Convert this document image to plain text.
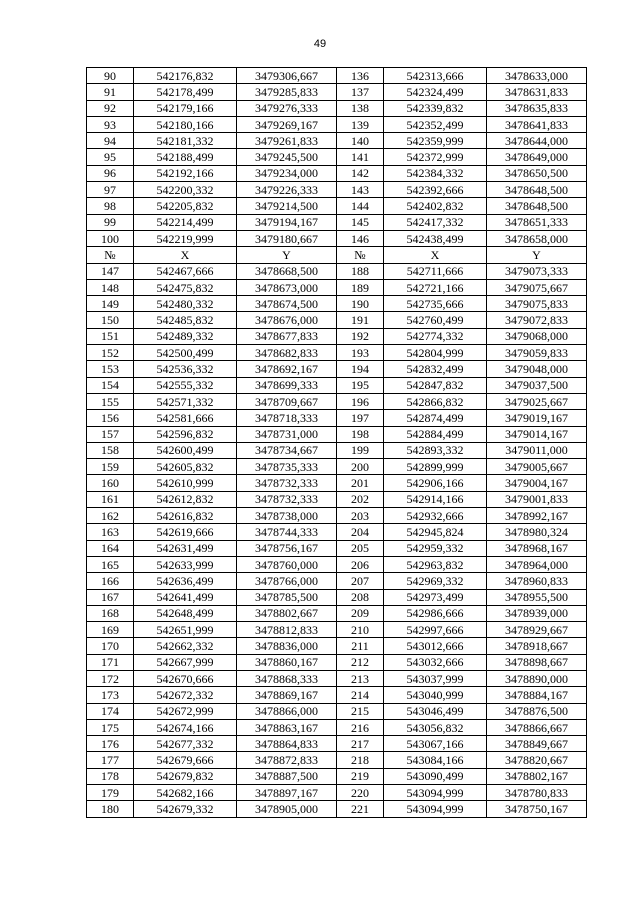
49
90	542176,832	3479306,667	136	542313,666	3478633,000
91	542178,499	3479285,833	137	542324,499	3478631,833
92	542179,166	3479276,333	138	542339,832	3478635,833
93	542180,166	3479269,167	139	542352,499	3478641,833
94	542181,332	3479261,833	140	542359,999	3478644,000
95	542188,499	3479245,500	141	542372,999	3478649,000
96	542192,166	3479234,000	142	542384,332	3478650,500
97	542200,332	3479226,333	143	542392,666	3478648,500
98	542205,832	3479214,500	144	542402,832	3478648,500
99	542214,499	3479194,167	145	542417,332	3478651,333
100	542219,999	3479180,667	146	542438,499	3478658,000
№	X	Y	№	X	Y
147	542467,666	3478668,500	188	542711,666	3479073,333
148	542475,832	3478673,000	189	542721,166	3479075,667
149	542480,332	3478674,500	190	542735,666	3479075,833
150	542485,832	3478676,000	191	542760,499	3479072,833
151	542489,332	3478677,833	192	542774,332	3479068,000
152	542500,499	3478682,833	193	542804,999	3479059,833
153	542536,332	3478692,167	194	542832,499	3479048,000
154	542555,332	3478699,333	195	542847,832	3479037,500
155	542571,332	3478709,667	196	542866,832	3479025,667
156	542581,666	3478718,333	197	542874,499	3479019,167
157	542596,832	3478731,000	198	542884,499	3479014,167
158	542600,499	3478734,667	199	542893,332	3479011,000
159	542605,832	3478735,333	200	542899,999	3479005,667
160	542610,999	3478732,333	201	542906,166	3479004,167
161	542612,832	3478732,333	202	542914,166	3479001,833
162	542616,832	3478738,000	203	542932,666	3478992,167
163	542619,666	3478744,333	204	542945,824	3478980,324
164	542631,499	3478756,167	205	542959,332	3478968,167
165	542633,999	3478760,000	206	542963,832	3478964,000
166	542636,499	3478766,000	207	542969,332	3478960,833
167	542641,499	3478785,500	208	542973,499	3478955,500
168	542648,499	3478802,667	209	542986,666	3478939,000
169	542651,999	3478812,833	210	542997,666	3478929,667
170	542662,332	3478836,000	211	543012,666	3478918,667
171	542667,999	3478860,167	212	543032,666	3478898,667
172	542670,666	3478868,333	213	543037,999	3478890,000
173	542672,332	3478869,167	214	543040,999	3478884,167
174	542672,999	3478866,000	215	543046,499	3478876,500
175	542674,166	3478863,167	216	543056,832	3478866,667
176	542677,332	3478864,833	217	543067,166	3478849,667
177	542679,666	3478872,833	218	543084,166	3478820,667
178	542679,832	3478887,500	219	543090,499	3478802,167
179	542682,166	3478897,167	220	543094,999	3478780,833
180	542679,332	3478905,000	221	543094,999	3478750,167
